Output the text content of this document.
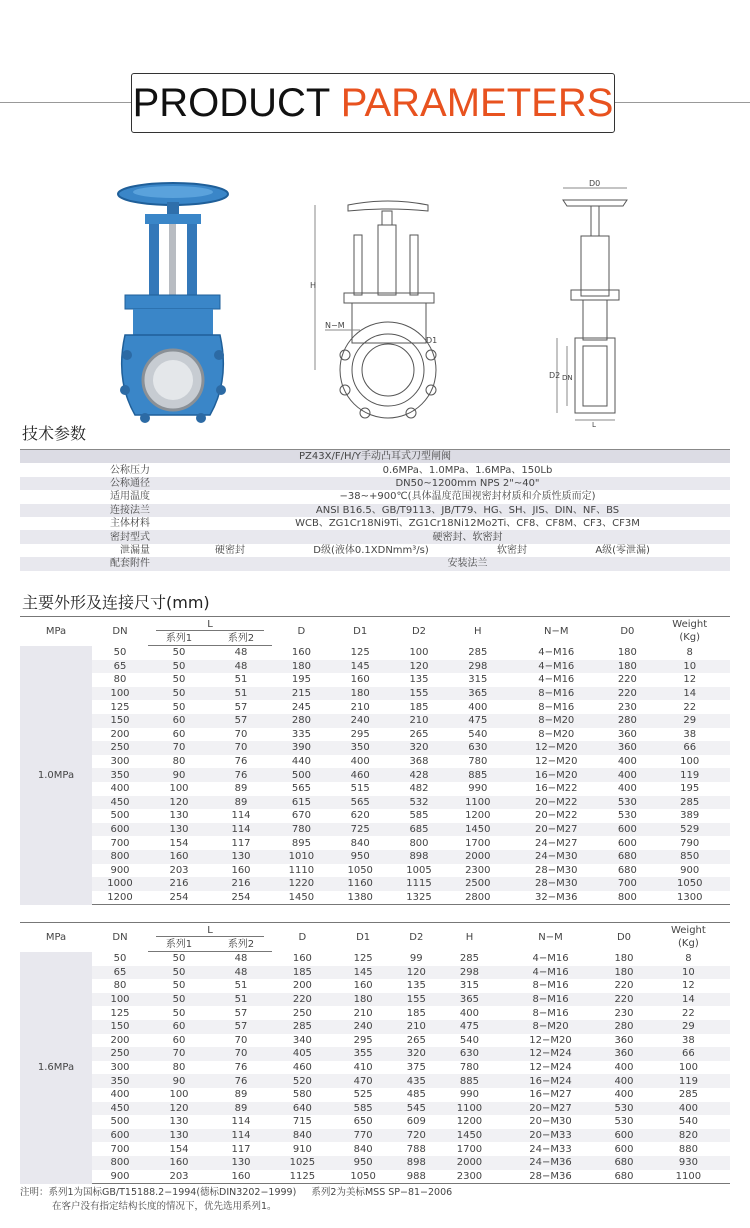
PRODUCT PARAMETERS
H
N−M
D1
D0
D2 DN
L
技术参数
PZ43X/F/H/Y手动凸耳式刀型闸阀	
公称压力	0.6MPa、1.0MPa、1.6MPa、150Lb
公称通径	DN50~1200mm NPS 2"~40"
适用温度	−38~+900℃(具体温度范围视密封材质和介质性质而定)
连接法兰	ANSI B16.5、GB/T9113、JB/T79、HG、SH、JIS、DIN、NF、BS
主体材料	WCB、ZG1Cr18Ni9Ti、ZG1Cr18Ni12Mo2Ti、CF8、CF8M、CF3、CF3M
密封型式	硬密封、软密封
泄漏量	硬密封 D级(液体0.1XDNmm³/s) 软密封 A级(零泄漏)

配套附件	安装法兰
主要外形及连接尺寸(mm)
MPa	DN	L		D	D1	D2	H	N−M	D0	Weight
(Kg)
		系列1	系列2							
1.0MPa	50	50	48	160	125	100	285	4−M16	180	8
	65	50	48	180	145	120	298	4−M16	180	10
	80	50	51	195	160	135	315	4−M16	220	12
	100	50	51	215	180	155	365	8−M16	220	14
	125	50	57	245	210	185	400	8−M16	230	22
	150	60	57	280	240	210	475	8−M20	280	29
	200	60	70	335	295	265	540	8−M20	360	38
	250	70	70	390	350	320	630	12−M20	360	66
	300	80	76	440	400	368	780	12−M20	400	100
	350	90	76	500	460	428	885	16−M20	400	119
	400	100	89	565	515	482	990	16−M22	400	195
	450	120	89	615	565	532	1100	20−M22	530	285
	500	130	114	670	620	585	1200	20−M22	530	389
	600	130	114	780	725	685	1450	20−M27	600	529
	700	154	117	895	840	800	1700	24−M27	600	790
	800	160	130	1010	950	898	2000	24−M30	680	850
	900	203	160	1110	1050	1005	2300	28−M30	680	900
	1000	216	216	1220	1160	1115	2500	28−M30	700	1050
	1200	254	254	1450	1380	1325	2800	32−M36	800	1300
MPa	DN	L		D	D1	D2	H	N−M	D0	Weight
(Kg)
		系列1	系列2							
1.6MPa	50	50	48	160	125	99	285	4−M16	180	8
	65	50	48	185	145	120	298	4−M16	180	10
	80	50	51	200	160	135	315	8−M16	220	12
	100	50	51	220	180	155	365	8−M16	220	14
	125	50	57	250	210	185	400	8−M16	230	22
	150	60	57	285	240	210	475	8−M20	280	29
	200	60	70	340	295	265	540	12−M20	360	38
	250	70	70	405	355	320	630	12−M24	360	66
	300	80	76	460	410	375	780	12−M24	400	100
	350	90	76	520	470	435	885	16−M24	400	119
	400	100	89	580	525	485	990	16−M27	400	285
	450	120	89	640	585	545	1100	20−M27	530	400
	500	130	114	715	650	609	1200	20−M30	530	540
	600	130	114	840	770	720	1450	20−M33	600	820
	700	154	117	910	840	788	1700	24−M33	600	880
	800	160	130	1025	950	898	2000	24−M36	680	930
	900	203	160	1125	1050	988	2300	28−M36	680	1100
注明：系列1为国标GB/T15188.2−1994(德标DIN3202−1999) 系列2为美标MSS SP−81−2006
在客户没有指定结构长度的情况下，优先选用系列1。
